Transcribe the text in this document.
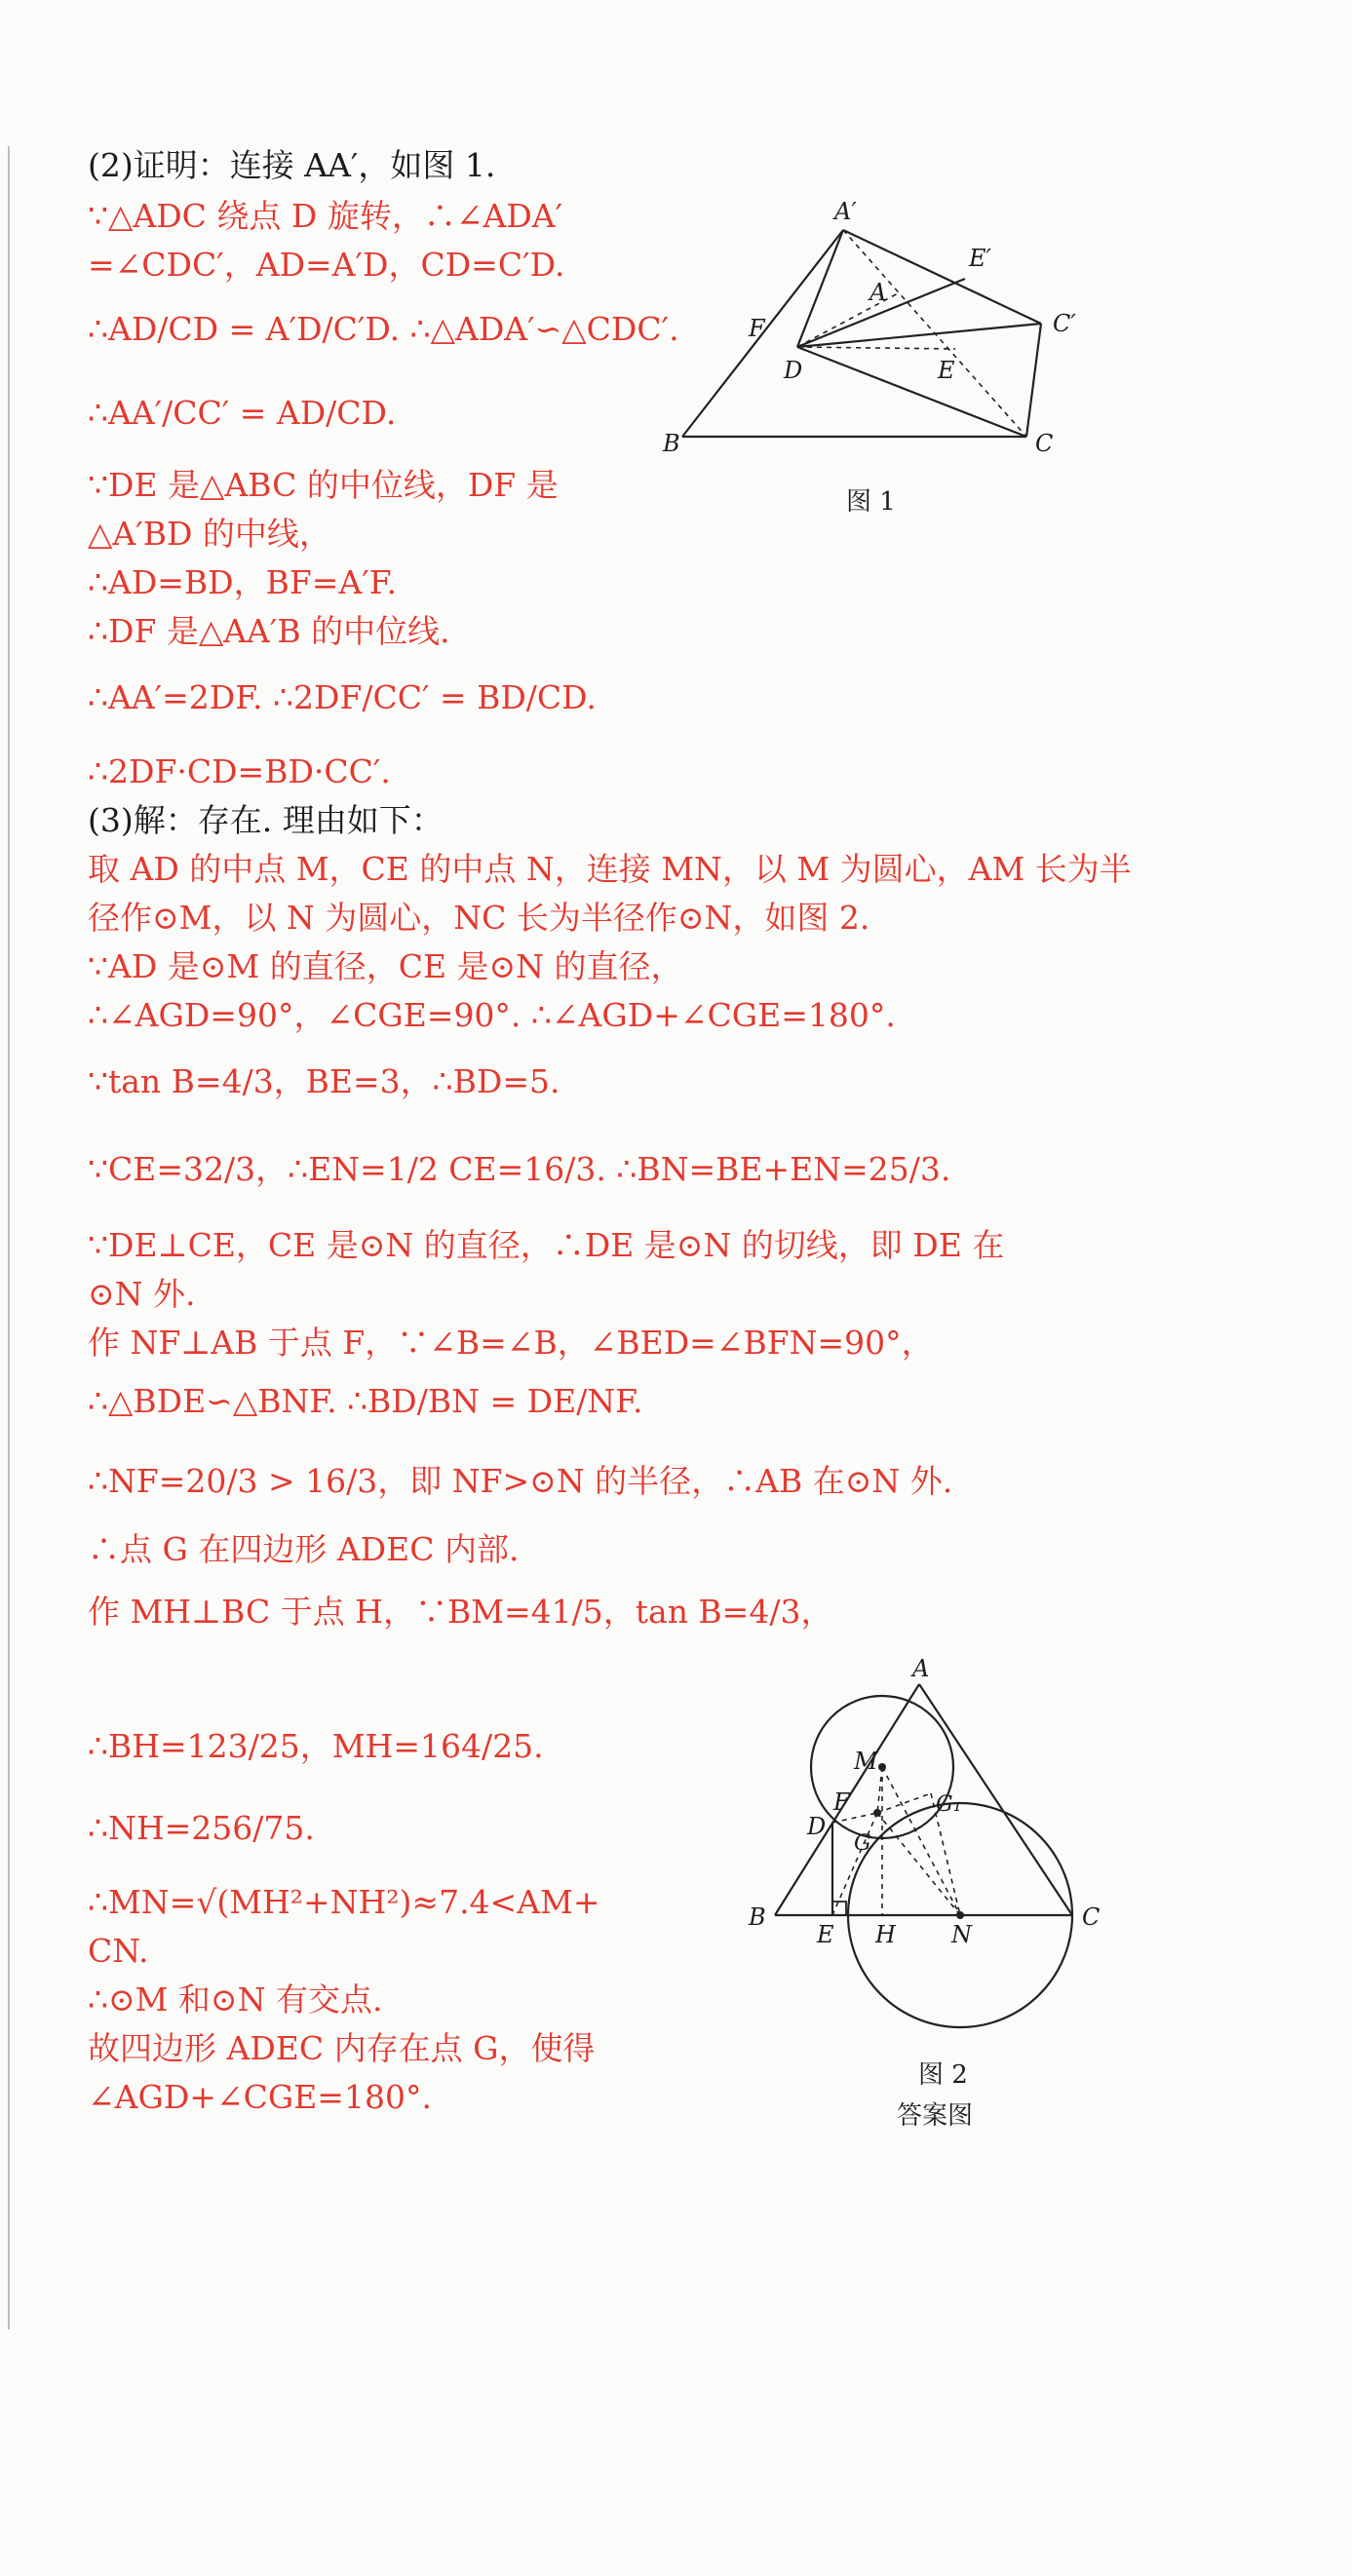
(2)证明：连接 AA′，如图 1.
∵△ADC 绕点 D 旋转，∴∠ADA′
=∠CDC′，AD=A′D，CD=C′D.
∴AD/CD = A′D/C′D. ∴△ADA′∽△CDC′.
∴AA′/CC′ = AD/CD.
∵DE 是△ABC 的中位线，DF 是
△A′BD 的中线，
∴AD=BD，BF=A′F.
∴DF 是△AA′B 的中位线.
∴AA′=2DF. ∴2DF/CC′ = BD/CD.
∴2DF·CD=BD·CC′.
(3)解：存在. 理由如下：
取 AD 的中点 M，CE 的中点 N，连接 MN，以 M 为圆心，AM 长为半
径作⊙M，以 N 为圆心，NC 长为半径作⊙N，如图 2.
∵AD 是⊙M 的直径，CE 是⊙N 的直径，
∴∠AGD=90°，∠CGE=90°. ∴∠AGD+∠CGE=180°.
∵tan B=4/3，BE=3，∴BD=5.
∵CE=32/3，∴EN=1/2 CE=16/3. ∴BN=BE+EN=25/3.
∵DE⊥CE，CE 是⊙N 的直径，∴DE 是⊙N 的切线，即 DE 在
⊙N 外.
作 NF⊥AB 于点 F，∵∠B=∠B，∠BED=∠BFN=90°，
∴△BDE∽△BNF. ∴BD/BN = DE/NF.
∴NF=20/3 > 16/3，即 NF>⊙N 的半径，∴AB 在⊙N 外.
∴点 G 在四边形 ADEC 内部.
作 MH⊥BC 于点 H，∵BM=41/5，tan B=4/3，
∴BH=123/25，MH=164/25.
∴NH=256/75.
∴MN=√(MH²+NH²)≈7.4<AM+
CN.
∴⊙M 和⊙N 有交点.
故四边形 ADEC 内存在点 G，使得
∠AGD+∠CGE=180°.
A′
E′
A
C′
F
D	E
B	C
图 1
A
M
F
D
G₁
G
B
E H N
C
图 2
答案图
